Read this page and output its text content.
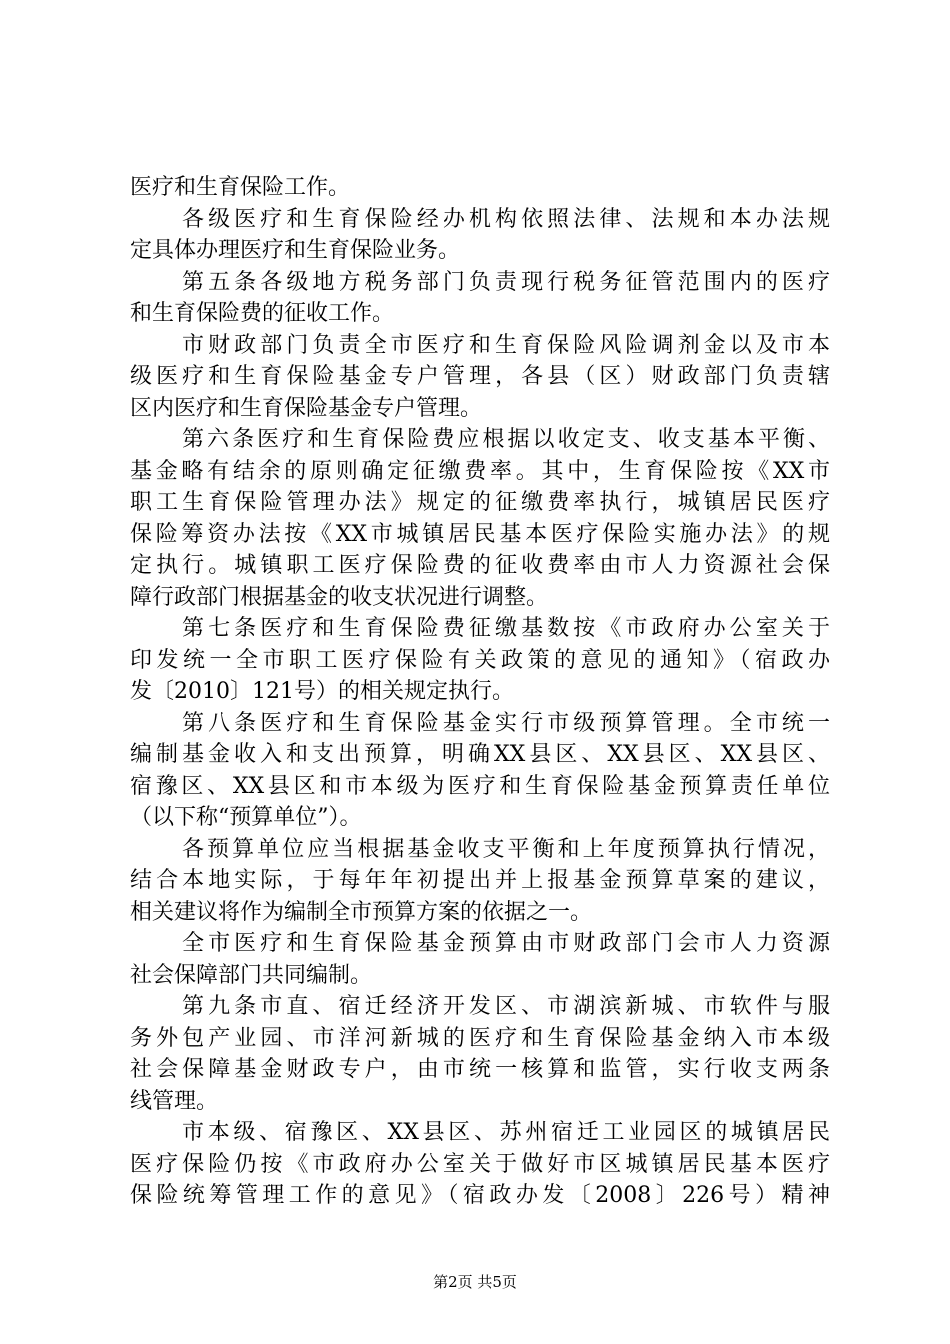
医疗和生育保险工作。
各级医疗和生育保险经办机构依照法律、法规和本办法规
定具体办理医疗和生育保险业务。
第五条各级地方税务部门负责现行税务征管范围内的医疗
和生育保险费的征收工作。
市财政部门负责全市医疗和生育保险风险调剂金以及市本
级医疗和生育保险基金专户管理，各县（区）财政部门负责辖
区内医疗和生育保险基金专户管理。
第六条医疗和生育保险费应根据以收定支、收支基本平衡、
基金略有结余的原则确定征缴费率。其中，生育保险按《XX市
职工生育保险管理办法》规定的征缴费率执行，城镇居民医疗
保险筹资办法按《XX市城镇居民基本医疗保险实施办法》的规
定执行。城镇职工医疗保险费的征收费率由市人力资源社会保
障行政部门根据基金的收支状况进行调整。
第七条医疗和生育保险费征缴基数按《市政府办公室关于
印发统一全市职工医疗保险有关政策的意见的通知》（宿政办
发〔2010〕121号）的相关规定执行。
第八条医疗和生育保险基金实行市级预算管理。全市统一
编制基金收入和支出预算，明确XX县区、XX县区、XX县区、
宿豫区、XX县区和市本级为医疗和生育保险基金预算责任单位
（以下称“预算单位”）。
各预算单位应当根据基金收支平衡和上年度预算执行情况，
结合本地实际，于每年年初提出并上报基金预算草案的建议，
相关建议将作为编制全市预算方案的依据之一。
全市医疗和生育保险基金预算由市财政部门会市人力资源
社会保障部门共同编制。
第九条市直、宿迁经济开发区、市湖滨新城、市软件与服
务外包产业园、市洋河新城的医疗和生育保险基金纳入市本级
社会保障基金财政专户，由市统一核算和监管，实行收支两条
线管理。
市本级、宿豫区、XX县区、苏州宿迁工业园区的城镇居民
医疗保险仍按《市政府办公室关于做好市区城镇居民基本医疗
保险统筹管理工作的意见》（宿政办发〔2008〕226号）精神
第2页 共5页
